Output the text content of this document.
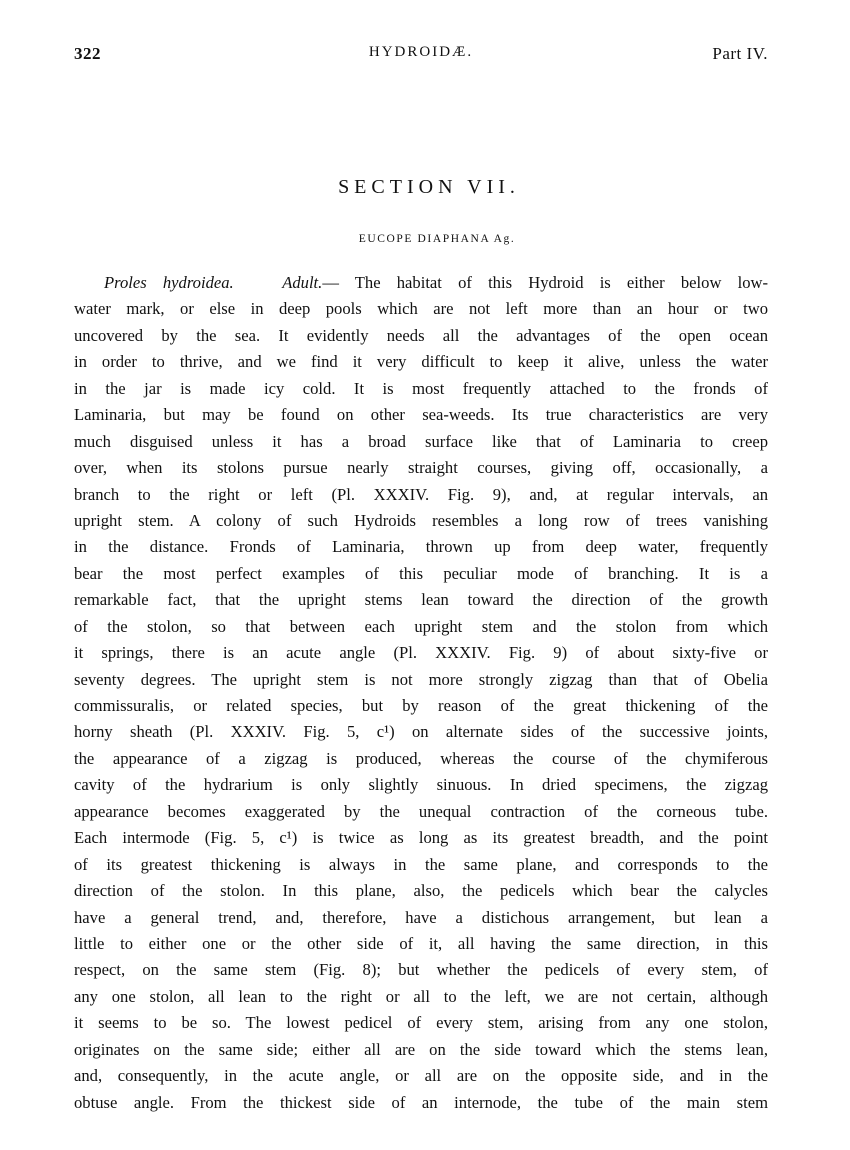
322	HYDROIDÆ.	Part IV.
SECTION VII.
EUCOPE DIAPHANA Ag.
Proles hydroidea.	Adult.— The habitat of this Hydroid is either below low-
water mark, or else in deep pools which are not left more than an hour or two
uncovered by the sea. It evidently needs all the advantages of the open ocean
in order to thrive, and we find it very difficult to keep it alive, unless the water
in the jar is made icy cold. It is most frequently attached to the fronds of
Laminaria, but may be found on other sea-weeds. Its true characteristics are very
much disguised unless it has a broad surface like that of Laminaria to creep
over, when its stolons pursue nearly straight courses, giving off, occasionally, a
branch to the right or left (Pl. XXXIV. Fig. 9), and, at regular intervals, an
upright stem. A colony of such Hydroids resembles a long row of trees vanishing
in the distance. Fronds of Laminaria, thrown up from deep water, frequently
bear the most perfect examples of this peculiar mode of branching. It is a
remarkable fact, that the upright stems lean toward the direction of the growth
of the stolon, so that between each upright stem and the stolon from which
it springs, there is an acute angle (Pl. XXXIV. Fig. 9) of about sixty-five or
seventy degrees. The upright stem is not more strongly zigzag than that of Obelia
commissuralis, or related species, but by reason of the great thickening of the
horny sheath (Pl. XXXIV. Fig. 5, c¹) on alternate sides of the successive joints,
the appearance of a zigzag is produced, whereas the course of the chymiferous
cavity of the hydrarium is only slightly sinuous. In dried specimens, the zigzag
appearance becomes exaggerated by the unequal contraction of the corneous tube.
Each intermode (Fig. 5, c¹) is twice as long as its greatest breadth, and the point
of its greatest thickening is always in the same plane, and corresponds to the
direction of the stolon. In this plane, also, the pedicels which bear the calycles
have a general trend, and, therefore, have a distichous arrangement, but lean a
little to either one or the other side of it, all having the same direction, in this
respect, on the same stem (Fig. 8); but whether the pedicels of every stem, of
any one stolon, all lean to the right or all to the left, we are not certain, although
it seems to be so. The lowest pedicel of every stem, arising from any one stolon,
originates on the same side; either all are on the side toward which the stems lean,
and, consequently, in the acute angle, or all are on the opposite side, and in the
obtuse angle. From the thickest side of an internode, the tube of the main stem
